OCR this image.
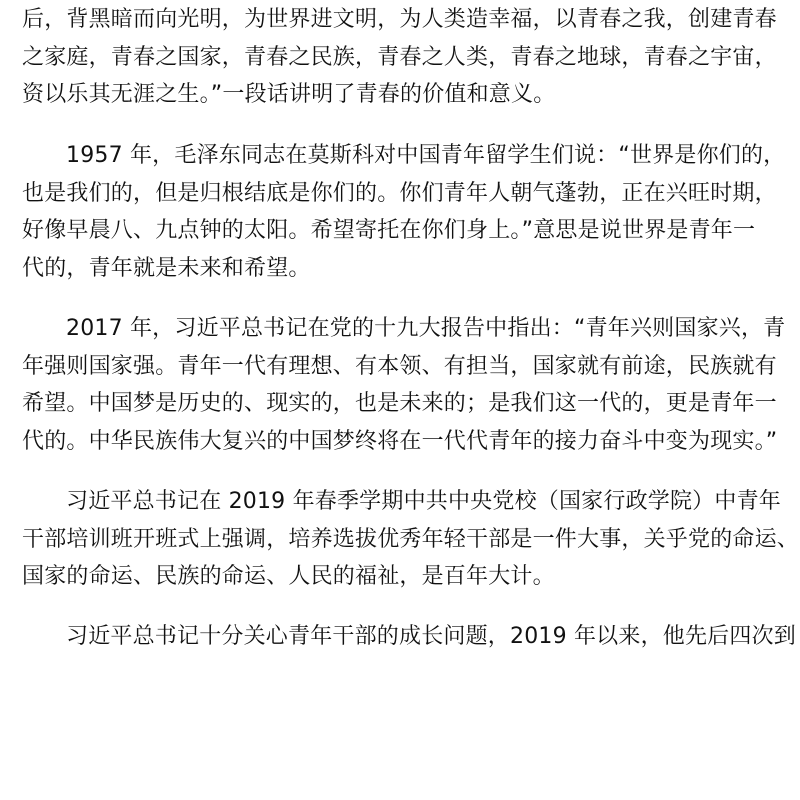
后，背黑暗而向光明，为世界进文明，为人类造幸福，以青春之我，创建青春
之家庭，青春之国家，青春之民族，青春之人类，青春之地球，青春之宇宙，
资以乐其无涯之生。”一段话讲明了青春的价值和意义。

1957 年，毛泽东同志在莫斯科对中国青年留学生们说：“世界是你们的，
也是我们的，但是归根结底是你们的。你们青年人朝气蓬勃，正在兴旺时期，
好像早晨八、九点钟的太阳。希望寄托在你们身上。”意思是说世界是青年一
代的，青年就是未来和希望。

2017 年，习近平总书记在党的十九大报告中指出：“青年兴则国家兴，青
年强则国家强。青年一代有理想、有本领、有担当，国家就有前途，民族就有
希望。中国梦是历史的、现实的，也是未来的；是我们这一代的，更是青年一
代的。中华民族伟大复兴的中国梦终将在一代代青年的接力奋斗中变为现实。”

习近平总书记在 2019 年春季学期中共中央党校（国家行政学院）中青年
干部培训班开班式上强调，培养选拔优秀年轻干部是一件大事，关乎党的命运、
国家的命运、民族的命运、人民的福祉，是百年大计。

习近平总书记十分关心青年干部的成长问题，2019 年以来，他先后四次到
